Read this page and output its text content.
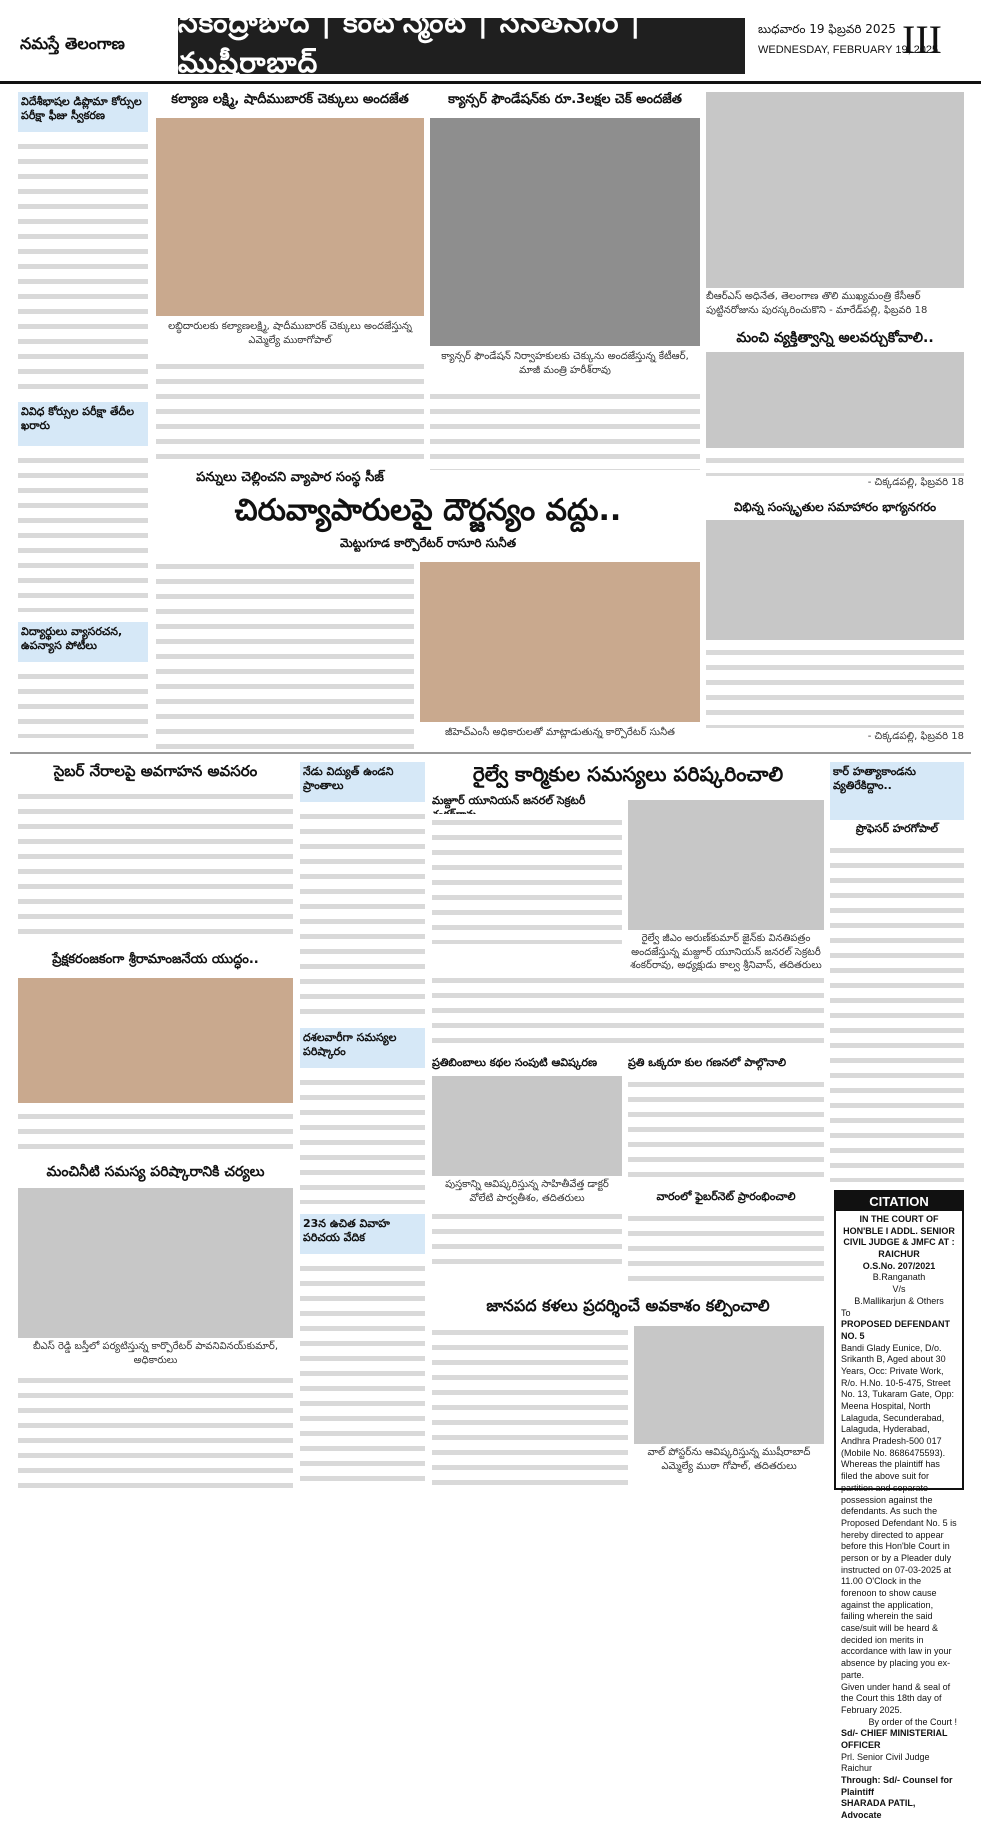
నమస్తే తెలంగాణ
సికింద్రాబాద్ | కంటోన్మెంట్ | సనత్‌నగర్ | ముషీరాబాద్
బుధవారం 19 ఫిబ్రవరి 2025
WEDNESDAY, FEBRUARY 19, 2025
III
విదేశీభాషల డిప్లొమా కోర్సుల పరీక్షా ఫీజు స్వీకరణ
వివిధ కోర్సుల పరీక్షా తేదీల ఖరారు
విద్యార్థులు వ్యాసరచన, ఉపన్యాస పోటీలు
కల్యాణ లక్ష్మి, షాదీముబారక్ చెక్కులు అందజేత
లబ్ధిదారులకు కల్యాణలక్ష్మి, షాదీముబారక్ చెక్కులు అందజేస్తున్న ఎమ్మెల్యే ముఠాగోపాల్
క్యాన్సర్ ఫౌండేషన్‌కు రూ.3లక్షల చెక్ అందజేత
క్యాన్సర్ ఫౌండేషన్ నిర్వాహకులకు చెక్కును అందజేస్తున్న కేటీఆర్, మాజీ మంత్రి హరీశ్‌రావు
బీఆర్‌ఎస్ అధినేత, తెలంగాణ తొలి ముఖ్యమంత్రి కేసీఆర్ పుట్టినరోజును పురస్కరించుకొని - మారేడ్‌పల్లి, ఫిబ్రవరి 18
పన్నులు చెల్లించని వ్యాపార సంస్థ సీజ్
మంచి వ్యక్తిత్వాన్ని అలవర్చుకోవాలి..
- చిక్కడపల్లి, ఫిబ్రవరి 18
చిరువ్యాపారులపై దౌర్జన్యం వద్దు..
మెట్టుగూడ కార్పొరేటర్ రాసూరి సునీత
జీహెచ్‌ఎంసీ అధికారులతో మాట్లాడుతున్న కార్పొరేటర్ సునీత
విభిన్న సంస్కృతుల సమాహారం భాగ్యనగరం
- చిక్కడపల్లి, ఫిబ్రవరి 18
సైబర్ నేరాలపై అవగాహన అవసరం	నేడు విద్యుత్ ఉండని ప్రాంతాలు	రైల్వే కార్మికుల సమస్యలు పరిష్కరించాలి
మజ్దూర్ యూనియన్ జనరల్ సెక్రటరీ
రైల్వే జీఎం అరుణ్‌కుమార్ జైన్‌కు వినతిపత్రం అందజేస్తున్న మజ్దూర్ యూనియన్ జనరల్ సెక్రటరీ శంకర్‌రావు, అధ్యక్షుడు కాల్వ శ్రీనివాస్, తదితరులు
కార్ హత్యాకాండను వ్యతిరేకిద్దాం..
ప్రొఫెసర్ హరగోపాల్
ప్రేక్షకరంజకంగా శ్రీరామాంజనేయ యుద్ధం..
దశలవారీగా సమస్యల పరిష్కారం
ప్రతిబింబాలు కథల సంపుటి ఆవిష్కరణ
పుస్తకాన్ని ఆవిష్కరిస్తున్న సాహితీవేత్త డాక్టర్ వోలేటి పార్వతీశం, తదితరులు
ప్రతి ఒక్కరూ కుల గణనలో పాల్గొనాలి
వారంలో ఫైబర్‌నెట్ ప్రారంభించాలి
మంచినీటి సమస్య పరిష్కారానికి చర్యలు
బీఎస్ రెడ్డి బస్తీలో పర్యటిస్తున్న కార్పొరేటర్ పావనివినయ్‌కుమార్, అధికారులు
23న ఉచిత వివాహ పరిచయ వేదిక
జానపద కళలు ప్రదర్శించే అవకాశం కల్పించాలి
వాల్ పోస్టర్‌ను ఆవిష్కరిస్తున్న ముషీరాబాద్ ఎమ్మెల్యే ముఠా గోపాల్, తదితరులు
CITATION
IN THE COURT OF HON'BLE I ADDL. SENIOR CIVIL JUDGE & JMFC AT : RAICHUR
O.S.No. 207/2021
B.Ranganath
V/s
B.Mallikarjun & Others
To
PROPOSED DEFENDANT NO. 5
Bandi Glady Eunice, D/o. Srikanth B, Aged about 30 Years, Occ: Private Work, R/o. H.No. 10-5-475, Street No. 13, Tukaram Gate, Opp: Meena Hospital, North Lalaguda, Secunderabad, Lalaguda, Hyderabad, Andhra Pradesh-500 017 (Mobile No. 8686475593).
Whereas the plaintiff has filed the above suit for partition and separate possession against the defendants. As such the Proposed Defendant No. 5 is hereby directed to appear before this Hon'ble Court in person or by a Pleader duly instructed on 07-03-2025 at 11.00 O'Clock in the forenoon to show cause against the application, failing wherein the said case/suit will be heard & decided ion merits in accordance with law in your absence by placing you ex-parte.
Given under hand & seal of the Court this 18th day of February 2025.
By order of the Court !
Sd/- CHIEF MINISTERIAL OFFICER
Prl. Senior Civil Judge Raichur
Through: Sd/- Counsel for Plaintiff
SHARADA PATIL, Advocate
